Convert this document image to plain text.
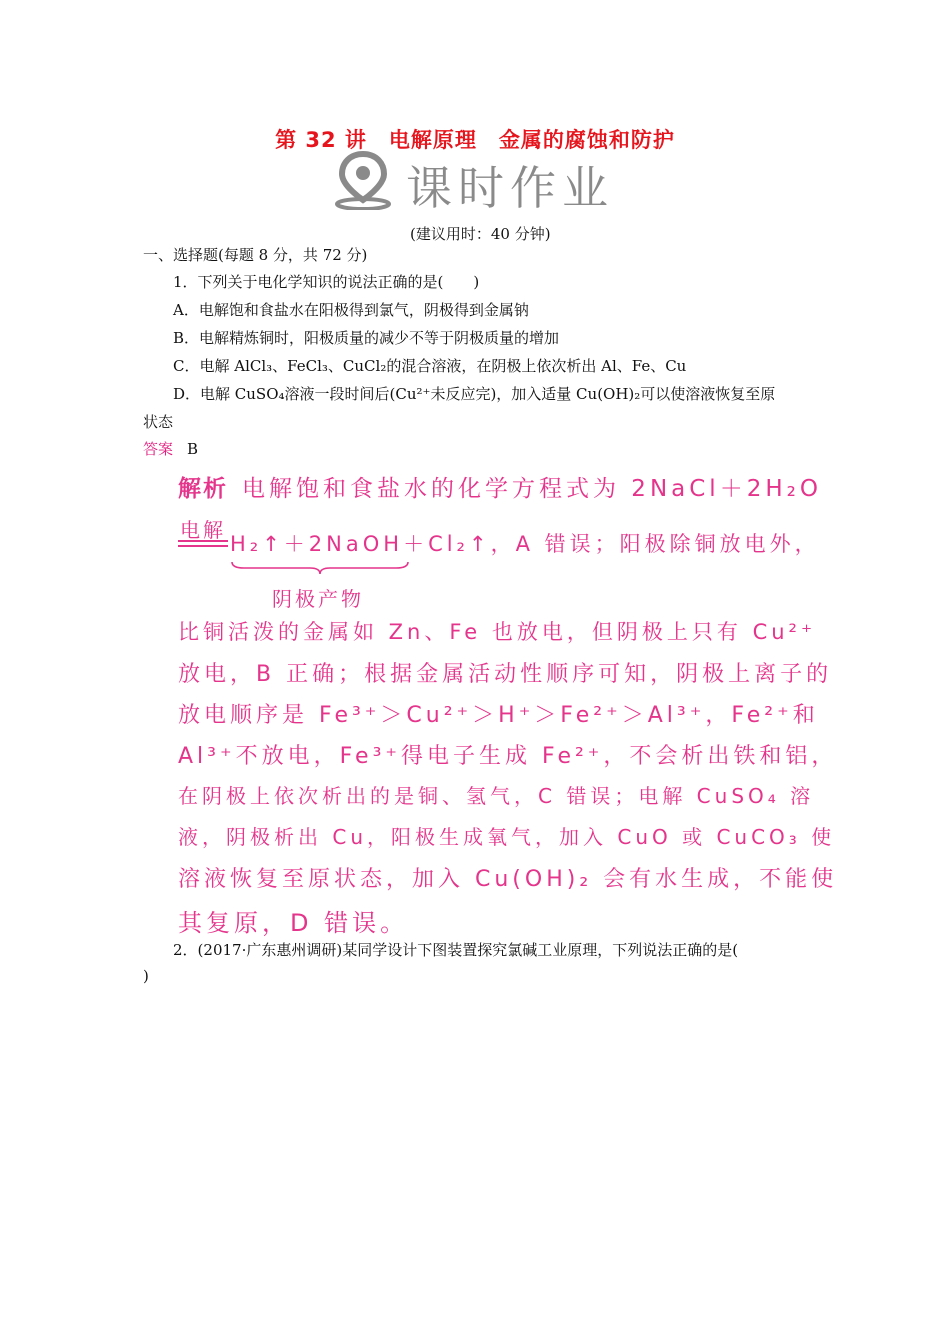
第 32 讲　电解原理　金属的腐蚀和防护
课时作业
(建议用时：40 分钟)
一、选择题(每题 8 分，共 72 分)
1．下列关于电化学知识的说法正确的是(　　)
A．电解饱和食盐水在阳极得到氯气，阴极得到金属钠
B．电解精炼铜时，阳极质量的减少不等于阴极质量的增加
C．电解 AlCl₃、FeCl₃、CuCl₂的混合溶液，在阴极上依次析出 Al、Fe、Cu
D．电解 CuSO₄溶液一段时间后(Cu²⁺未反应完)，加入适量 Cu(OH)₂可以使溶液恢复至原
状态
答案 B
解析 电解饱和食盐水的化学方程式为 2NaCl＋2H₂O
电解
H₂↑＋2NaOH＋Cl₂↑，A 错误；阳极除铜放电外，
阴极产物
比铜活泼的金属如 Zn、Fe 也放电，但阴极上只有 Cu²⁺
放电，B 正确；根据金属活动性顺序可知，阴极上离子的
放电顺序是 Fe³⁺＞Cu²⁺＞H⁺＞Fe²⁺＞Al³⁺，Fe²⁺和
Al³⁺不放电，Fe³⁺得电子生成 Fe²⁺，不会析出铁和铝，
在阴极上依次析出的是铜、氢气，C 错误；电解 CuSO₄ 溶
液，阴极析出 Cu，阳极生成氧气，加入 CuO 或 CuCO₃ 使
溶液恢复至原状态，加入 Cu(OH)₂ 会有水生成，不能使
其复原，D 错误。
2．(2017·广东惠州调研)某同学设计下图装置探究氯碱工业原理，下列说法正确的是(
)
